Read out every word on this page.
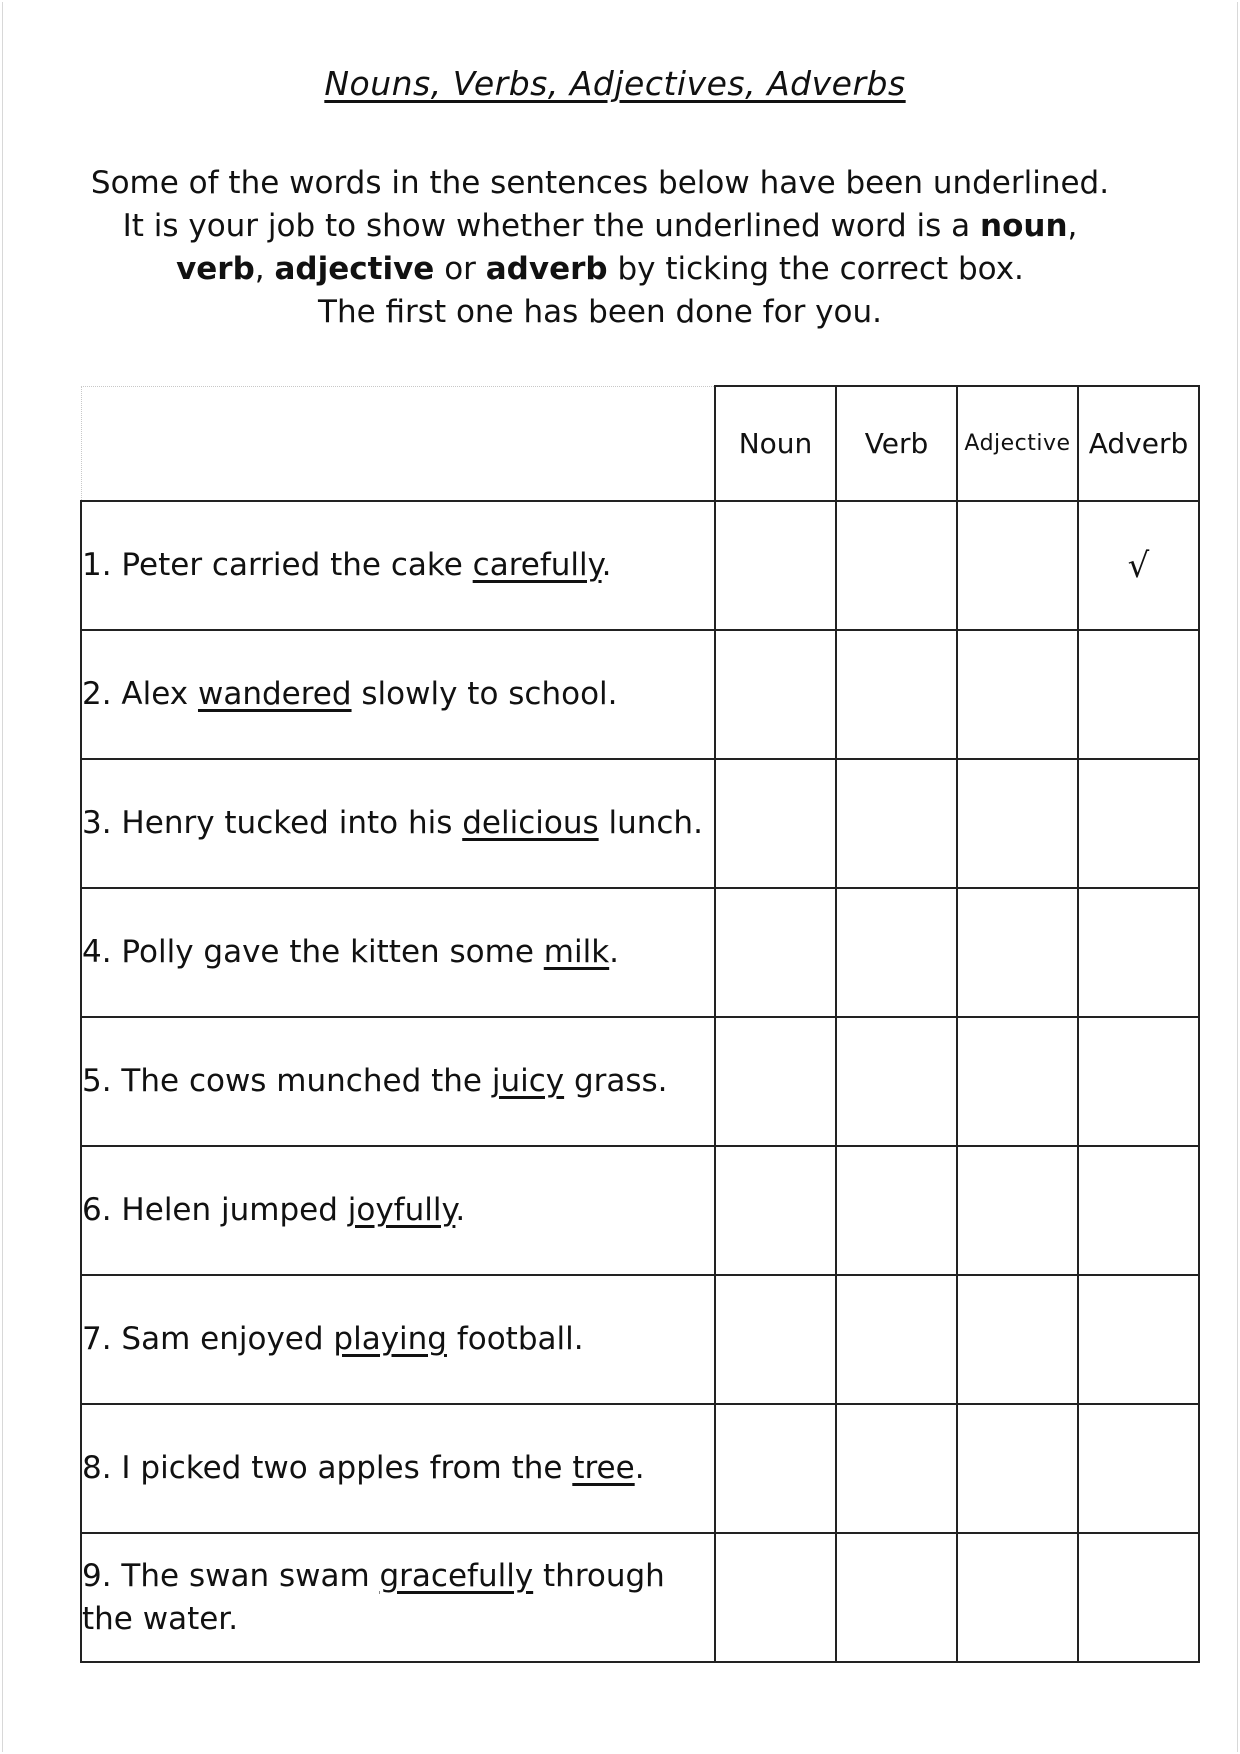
Nouns, Verbs, Adjectives, Adverbs
Some of the words in the sentences below have been underlined.
It is your job to show whether the underlined word is a noun,
verb, adjective or adverb by ticking the correct box.
The first one has been done for you.
	Noun	Verb	Adjective	Adverb
1. Peter carried the cake carefully.				√
2. Alex wandered slowly to school.				
3. Henry tucked into his delicious lunch.				
4. Polly gave the kitten some milk.				
5. The cows munched the juicy grass.				
6. Helen jumped joyfully.				
7. Sam enjoyed playing football.				
8. I picked two apples from the tree.				
9. The swan swam gracefully through the water.				
